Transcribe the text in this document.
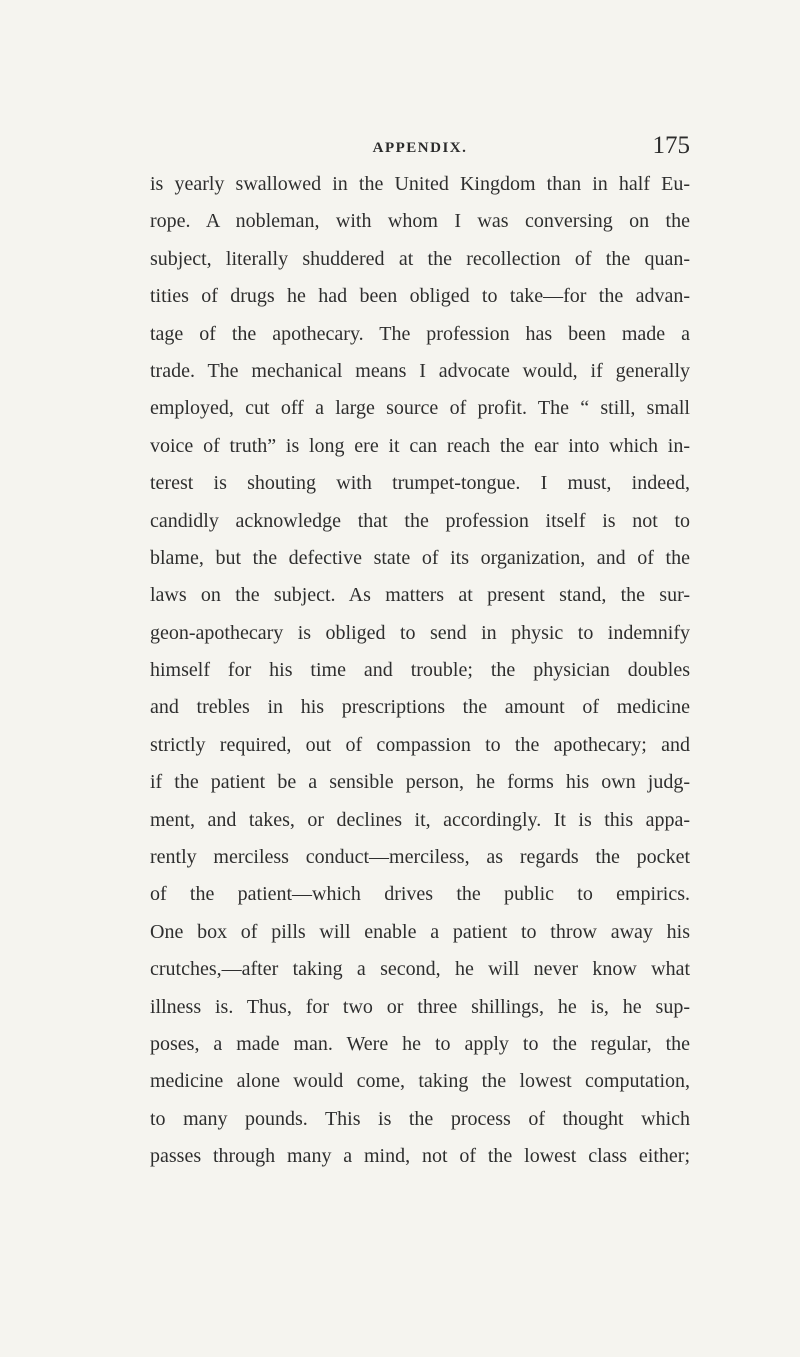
APPENDIX.	175
is yearly swallowed in the United Kingdom than in half Eu-
rope. A nobleman, with whom I was conversing on the
subject, literally shuddered at the recollection of the quan-
tities of drugs he had been obliged to take—for the advan-
tage of the apothecary. The profession has been made a
trade. The mechanical means I advocate would, if generally
employed, cut off a large source of profit. The “ still, small
voice of truth” is long ere it can reach the ear into which in-
terest is shouting with trumpet-tongue. I must, indeed,
candidly acknowledge that the profession itself is not to
blame, but the defective state of its organization, and of the
laws on the subject. As matters at present stand, the sur-
geon-apothecary is obliged to send in physic to indemnify
himself for his time and trouble; the physician doubles
and trebles in his prescriptions the amount of medicine
strictly required, out of compassion to the apothecary; and
if the patient be a sensible person, he forms his own judg-
ment, and takes, or declines it, accordingly. It is this appa-
rently merciless conduct—merciless, as regards the pocket
of the patient—which drives the public to empirics.
One box of pills will enable a patient to throw away his
crutches,—after taking a second, he will never know what
illness is. Thus, for two or three shillings, he is, he sup-
poses, a made man. Were he to apply to the regular, the
medicine alone would come, taking the lowest computation,
to many pounds. This is the process of thought which
passes through many a mind, not of the lowest class either;
